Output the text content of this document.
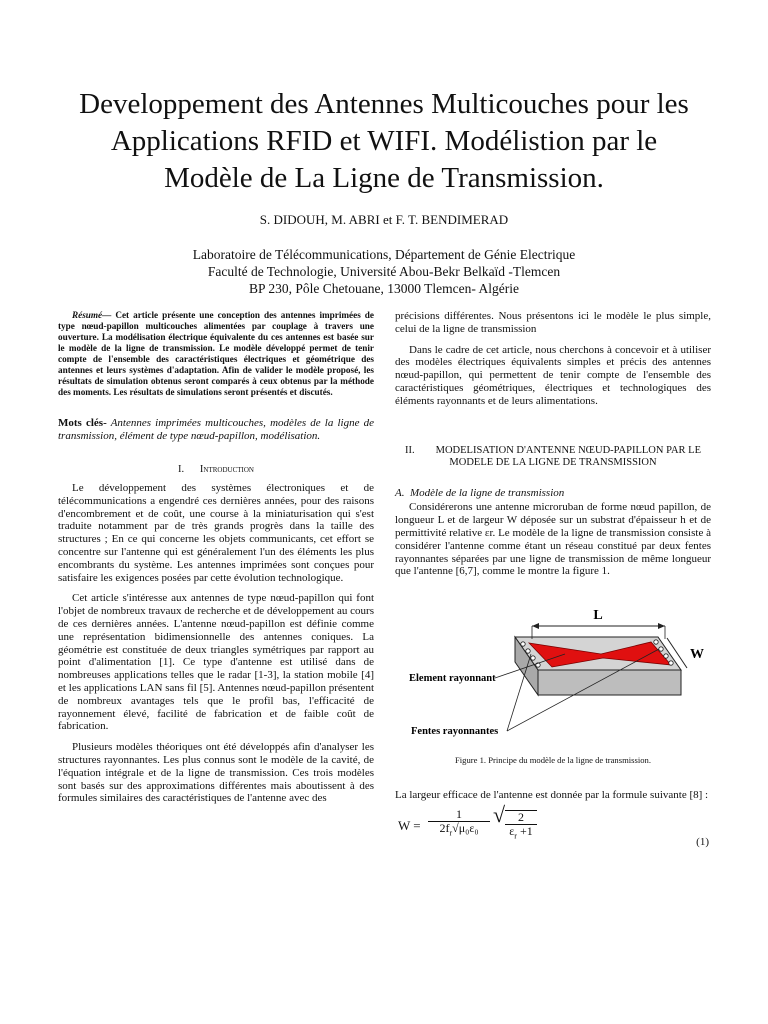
Developpement des Antennes Multicouches pour les
Applications RFID et WIFI. Modélistion par le
Modèle de La Ligne de Transmission.
S. DIDOUH, M. ABRI et F. T. BENDIMERAD
Laboratoire de Télécommunications, Département de Génie Electrique
Faculté de Technologie, Université Abou-Bekr Belkaïd -Tlemcen
BP 230, Pôle Chetouane, 13000 Tlemcen- Algérie

Résumé— Cet article présente une conception des antennes imprimées de type nœud-papillon multicouches alimentées par couplage à travers une ouverture. La modélisation électrique équivalente du ces antennes est basée sur le modèle de la ligne de transmission. Le modèle développé permet de tenir compte de l'ensemble des caractéristiques électriques et géométrique des antennes et leurs systèmes d'adaptation. Afin de valider le modèle proposé, les résultats de simulation obtenus seront comparés à ceux obtenus par la méthode des moments. Les résultats de simulations seront présentés et discutés.

Mots clés- Antennes imprimées multicouches, modèles de la ligne de transmission, élément de type nœud-papillon, modélisation.

I. Introduction

Le développement des systèmes électroniques et de télécommunications a engendré ces dernières années, pour des raisons d'encombrement et de coût, une course à la miniaturisation qui s'est traduite notamment par de très grands progrès dans la taille des structures ; En ce qui concerne les objets communicants, cet effort se concentre sur l'antenne qui est généralement l'un des éléments les plus encombrants du système. Les antennes imprimées sont conçues pour satisfaire les exigences posées par cette évolution technologique.

Cet article s'intéresse aux antennes de type nœud-papillon qui font l'objet de nombreux travaux de recherche et de développement au cours de ces dernières années. L'antenne nœud-papillon est définie comme une représentation bidimensionnelle des antennes coniques. La géométrie est constituée de deux triangles symétriques par rapport au point d'alimentation [1]. Ce type d'antenne est utilisé dans de nombreuses applications telles que le radar [1-3], la station mobile [4] et les applications LAN sans fil [5]. Antennes nœud-papillon présentent de nombreux avantages tels que le profil bas, l'efficacité de rayonnement élevé, facilité de fabrication et de faible coût de fabrication.

Plusieurs modèles théoriques ont été développés afin d'analyser les structures rayonnantes. Les plus connus sont le modèle de la cavité, de l'équation intégrale et de la ligne de transmission. Ces trois modèles sont basés sur des approximations différentes mais aboutissent à des formules similaires des caractéristiques de l'antenne avec des

précisions différentes. Nous présentons ici le modèle le plus simple, celui de la ligne de transmission

Dans le cadre de cet article, nous cherchons à concevoir et à utiliser des modèles électriques équivalents simples et précis des antennes nœud-papillon, qui permettent de tenir compte de l'ensemble des caractéristiques géométriques, électriques et technologiques des éléments rayonnants et de leurs alimentations.

II. MODELISATION D'ANTENNE NŒUD-PAPILLON PAR LE MODELE DE LA LIGNE DE TRANSMISSION

A. Modèle de la ligne de transmission

Considérerons une antenne microruban de forme nœud papillon, de longueur L et de largeur W déposée sur un substrat d'épaisseur h et de permittivité relative εr. Le modèle de la ligne de transmission consiste à considérer l'antenne comme étant un réseau constitué par deux fentes rayonnantes séparées par une ligne de transmission de même longueur que l'antenne [6,7], comme le montre la figure 1.

L
W
Element rayonnant
Fentes rayonnantes
Figure 1. Principe du modèle de la ligne de transmission.

La largeur efficace de l'antenne est donnée par la formule suivante [8] :

$W = \frac{1}{2f_r√\mu_0\varepsilon_0}$ √ $\frac{2}{\varepsilon_r +1}$	(1)
